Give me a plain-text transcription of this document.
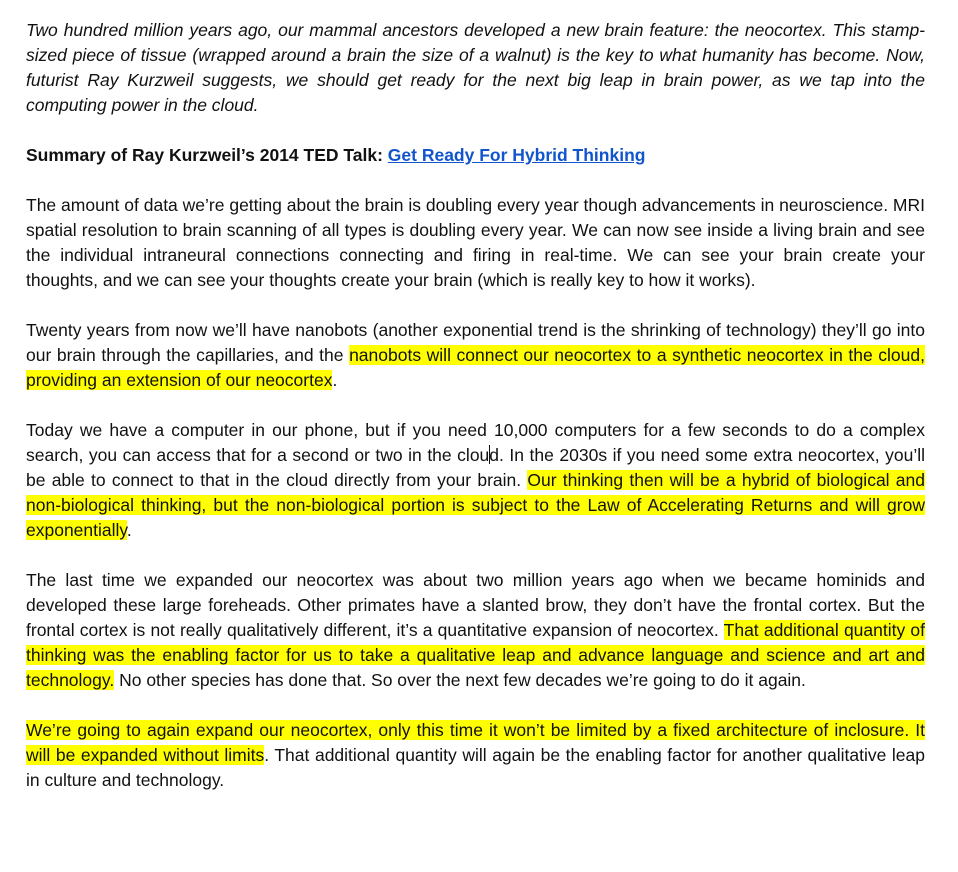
Two hundred million years ago, our mammal ancestors developed a new brain feature: the neocortex. This stamp-sized piece of tissue (wrapped around a brain the size of a walnut) is the key to what humanity has become. Now, futurist Ray Kurzweil suggests, we should get ready for the next big leap in brain power, as we tap into the computing power in the cloud.

Summary of Ray Kurzweil’s 2014 TED Talk: Get Ready For Hybrid Thinking

The amount of data we’re getting about the brain is doubling every year though advancements in neuroscience. MRI spatial resolution to brain scanning of all types is doubling every year. We can now see inside a living brain and see the individual intraneural connections connecting and firing in real-time. We can see your brain create your thoughts, and we can see your thoughts create your brain (which is really key to how it works).

Twenty years from now we’ll have nanobots (another exponential trend is the shrinking of technology) they’ll go into our brain through the capillaries, and the nanobots will connect our neocortex to a synthetic neocortex in the cloud, providing an extension of our neocortex.

Today we have a computer in our phone, but if you need 10,000 computers for a few seconds to do a complex search, you can access that for a second or two in the cloud. In the 2030s if you need some extra neocortex, you’ll be able to connect to that in the cloud directly from your brain. Our thinking then will be a hybrid of biological and non-biological thinking, but the non-biological portion is subject to the Law of Accelerating Returns and will grow exponentially.

The last time we expanded our neocortex was about two million years ago when we became hominids and developed these large foreheads. Other primates have a slanted brow, they don’t have the frontal cortex. But the frontal cortex is not really qualitatively different, it’s a quantitative expansion of neocortex. That additional quantity of thinking was the enabling factor for us to take a qualitative leap and advance language and science and art and technology. No other species has done that. So over the next few decades we’re going to do it again.

We’re going to again expand our neocortex, only this time it won’t be limited by a fixed architecture of inclosure. It will be expanded without limits. That additional quantity will again be the enabling factor for another qualitative leap in culture and technology.
